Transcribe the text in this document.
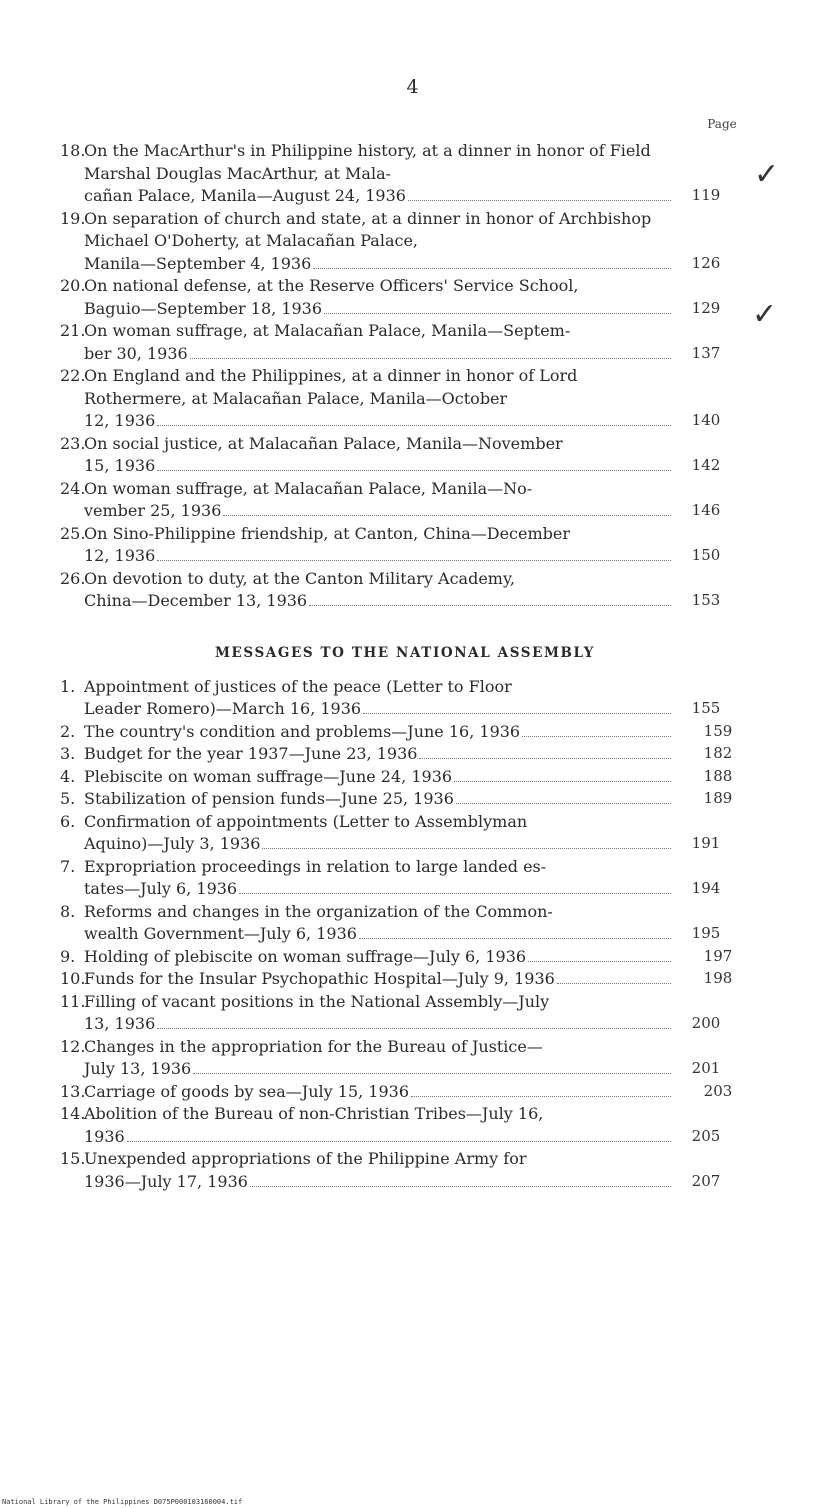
4
Page
18.On the MacArthur's in Philippine history, at a dinner in honor of Field Marshal Douglas MacArthur, at Mala-
cañan Palace, Manila—August 24, 1936	119
19.On separation of church and state, at a dinner in honor of Archbishop Michael O'Doherty, at Malacañan Palace,
Manila—September 4, 1936	126
20.On national defense, at the Reserve Officers' Service School,
Baguio—September 18, 1936	129
21.On woman suffrage, at Malacañan Palace, Manila—Septem-
ber 30, 1936	137
22.On England and the Philippines, at a dinner in honor of Lord Rothermere, at Malacañan Palace, Manila—October
12, 1936	140
23.On social justice, at Malacañan Palace, Manila—November
15, 1936	142
24.On woman suffrage, at Malacañan Palace, Manila—No-
vember 25, 1936	146
25.On Sino-Philippine friendship, at Canton, China—December
12, 1936	150
26.On devotion to duty, at the Canton Military Academy,
China—December 13, 1936	153
MESSAGES TO THE NATIONAL ASSEMBLY
1. Appointment of justices of the peace (Letter to Floor
Leader Romero)—March 16, 1936	155
2. The country's condition and problems—June 16, 1936	159
3. Budget for the year 1937—June 23, 1936	182
4. Plebiscite on woman suffrage—June 24, 1936	188
5. Stabilization of pension funds—June 25, 1936	189
6. Confirmation of appointments (Letter to Assemblyman
Aquino)—July 3, 1936	191
7. Expropriation proceedings in relation to large landed es-
tates—July 6, 1936	194
8. Reforms and changes in the organization of the Common-
wealth Government—July 6, 1936	195
9. Holding of plebiscite on woman suffrage—July 6, 1936	197
10.
Funds for the Insular Psychopathic Hospital—July 9, 1936	198
11.Filling of vacant positions in the National Assembly—July
13, 1936	200
12.Changes in the appropriation for the Bureau of Justice—
July 13, 1936	201
13.
Carriage of goods by sea—July 15, 1936	203
14.Abolition of the Bureau of non-Christian Tribes—July 16,
1936	205
15.Unexpended appropriations of the Philippine Army for
1936—July 17, 1936	207
✓
✓
National Library of the Philippines D075P000103160004.tif
